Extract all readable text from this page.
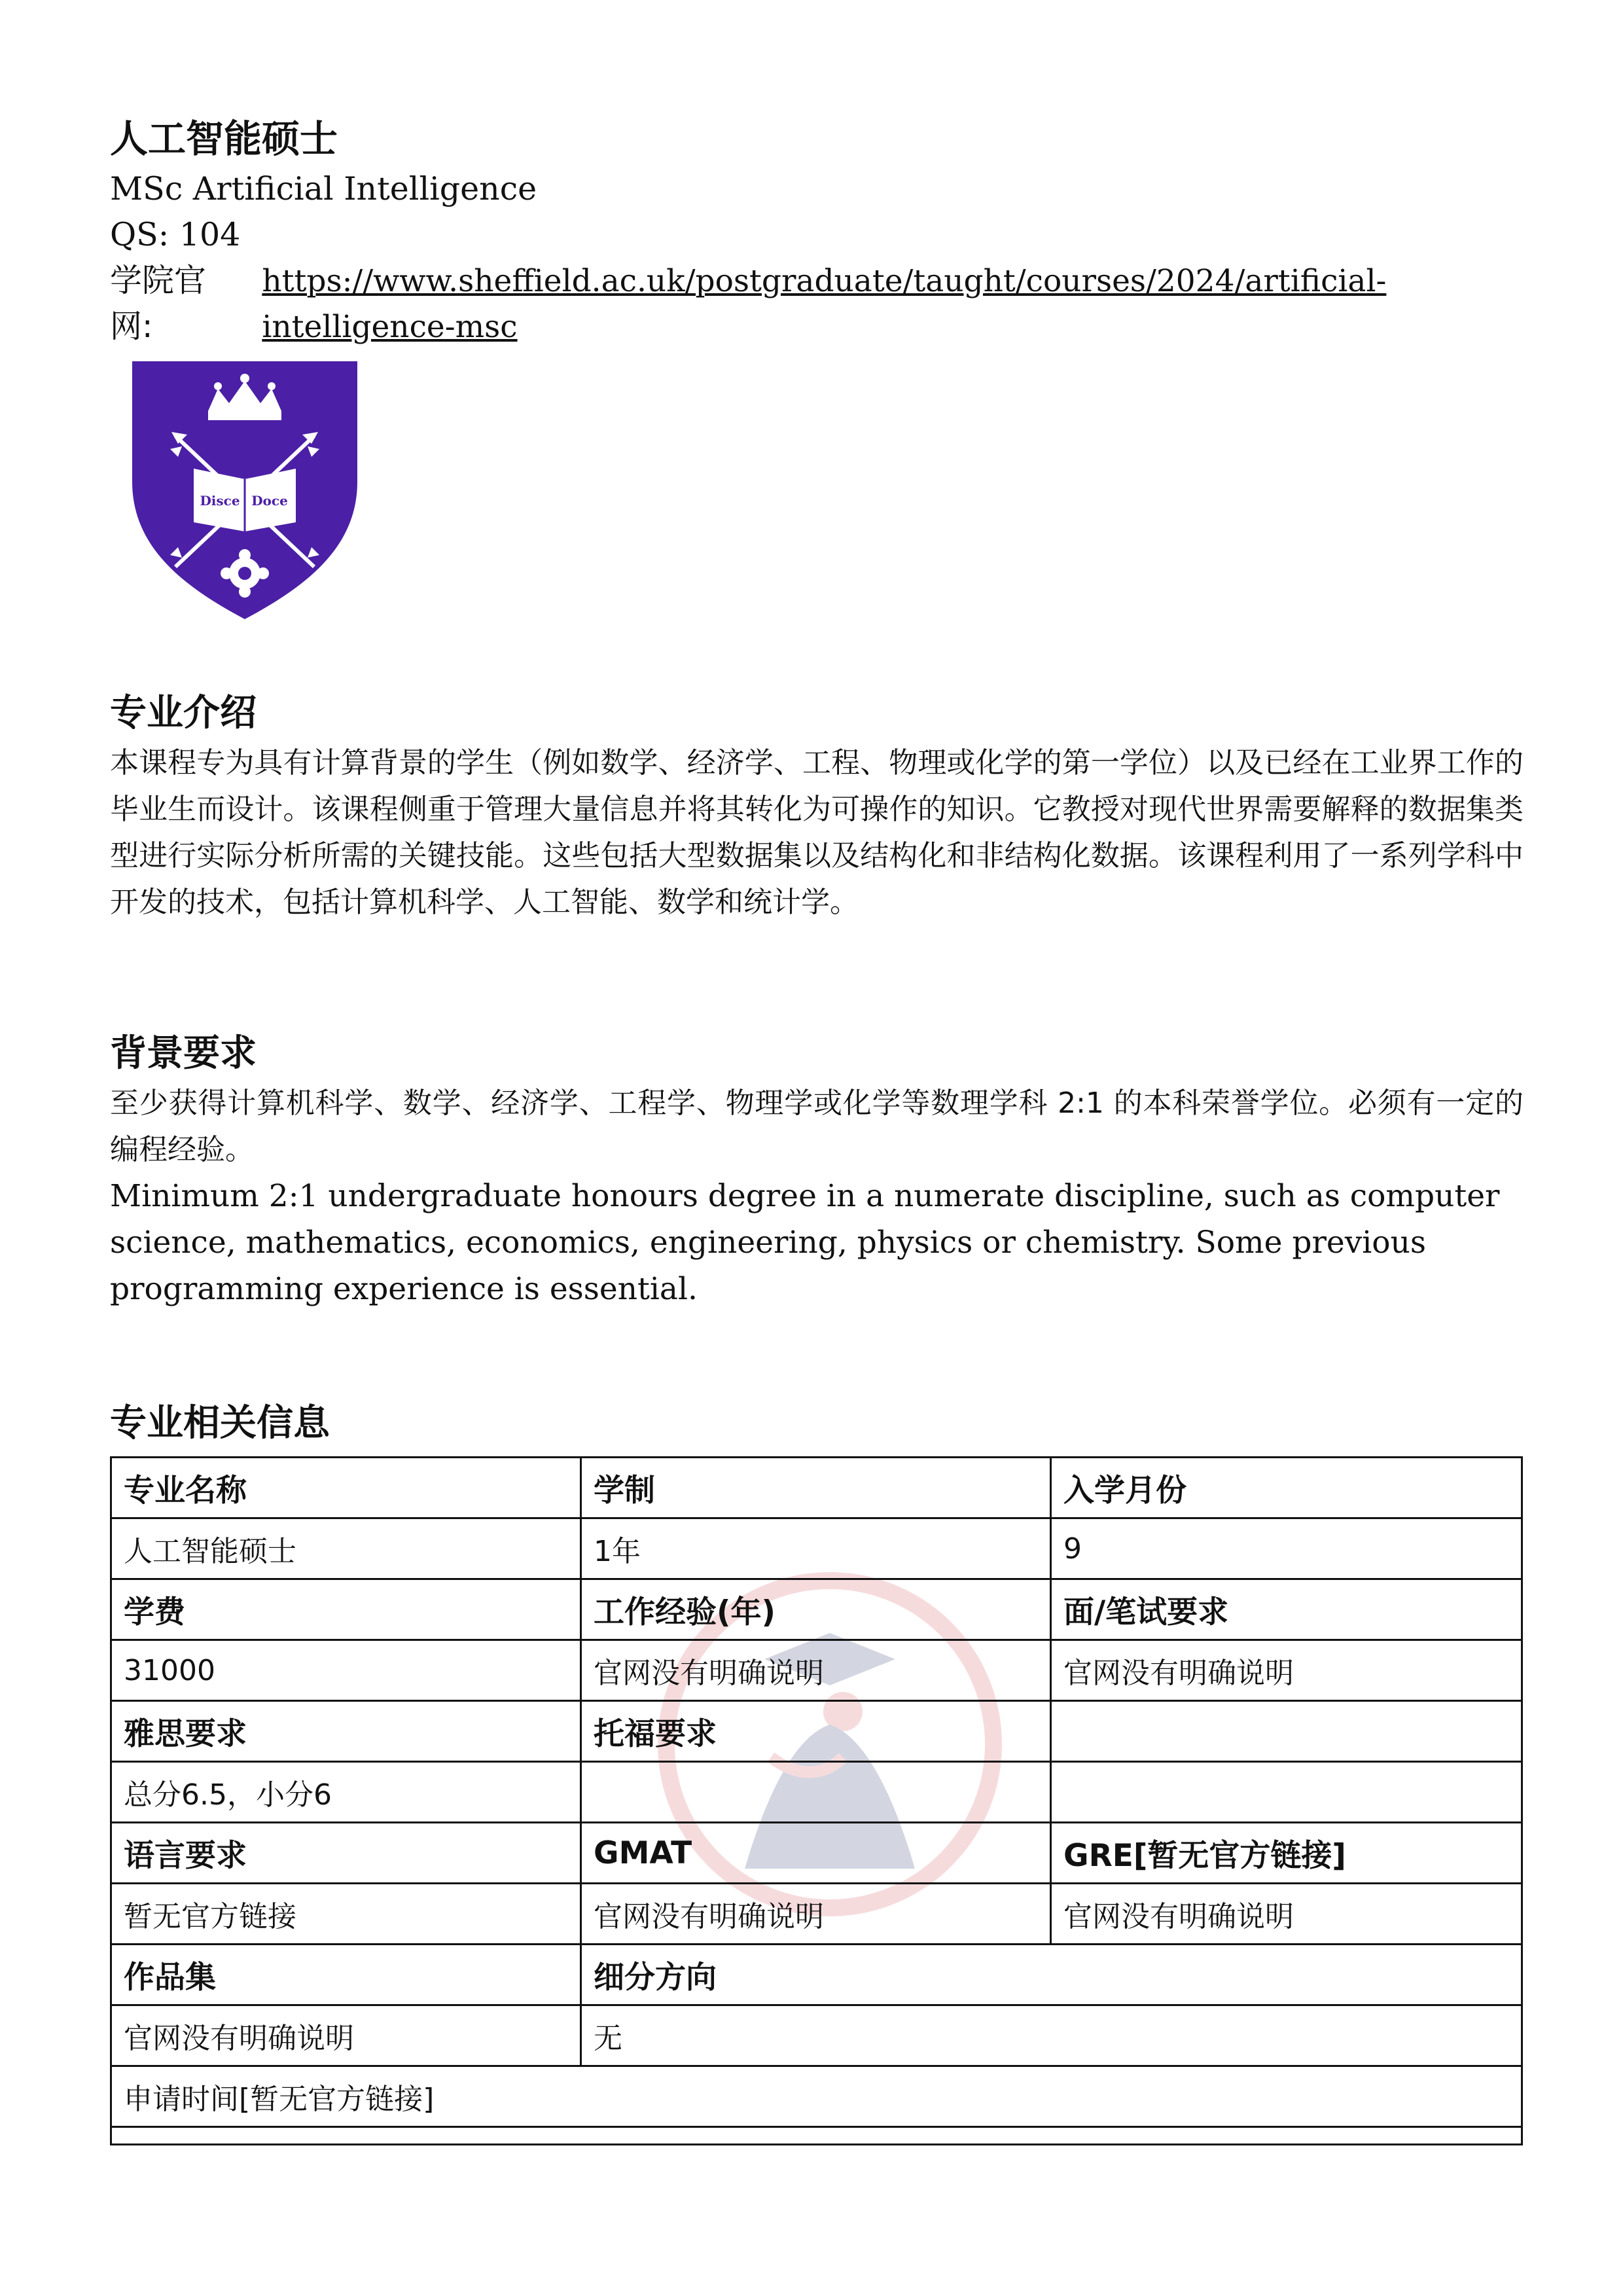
人工智能硕士

MSc Artificial Intelligence

QS: 104

学院官网:
https://www.sheffield.ac.uk/postgraduate/taught/courses/2024/artificial-intelligence-msc

Disce Doce
专业介绍

本课程专为具有计算背景的学生（例如数学、经济学、工程、物理或化学的第一学位）以及已经在工业界工作的毕业生而设计。该课程侧重于管理大量信息并将其转化为可操作的知识。它教授对现代世界需要解释的数据集类型进行实际分析所需的关键技能。这些包括大型数据集以及结构化和非结构化数据。该课程利用了一系列学科中开发的技术，包括计算机科学、人工智能、数学和统计学。

背景要求

至少获得计算机科学、数学、经济学、工程学、物理学或化学等数理学科 2:1 的本科荣誉学位。必须有一定的编程经验。

Minimum 2:1 undergraduate honours degree in a numerate discipline, such as computer science, mathematics, economics, engineering, physics or chemistry. Some previous programming experience is essential.

专业相关信息
专业名称	学制	入学月份
人工智能硕士	1年	9
学费	工作经验(年)	面/笔试要求
31000	官网没有明确说明	官网没有明确说明
雅思要求	托福要求	
总分6.5，小分6		
语言要求	GMAT	GRE[暂无官方链接]
暂无官方链接	官网没有明确说明	官网没有明确说明
作品集	细分方向	
官网没有明确说明	无	
申请时间[暂无官方链接]		
